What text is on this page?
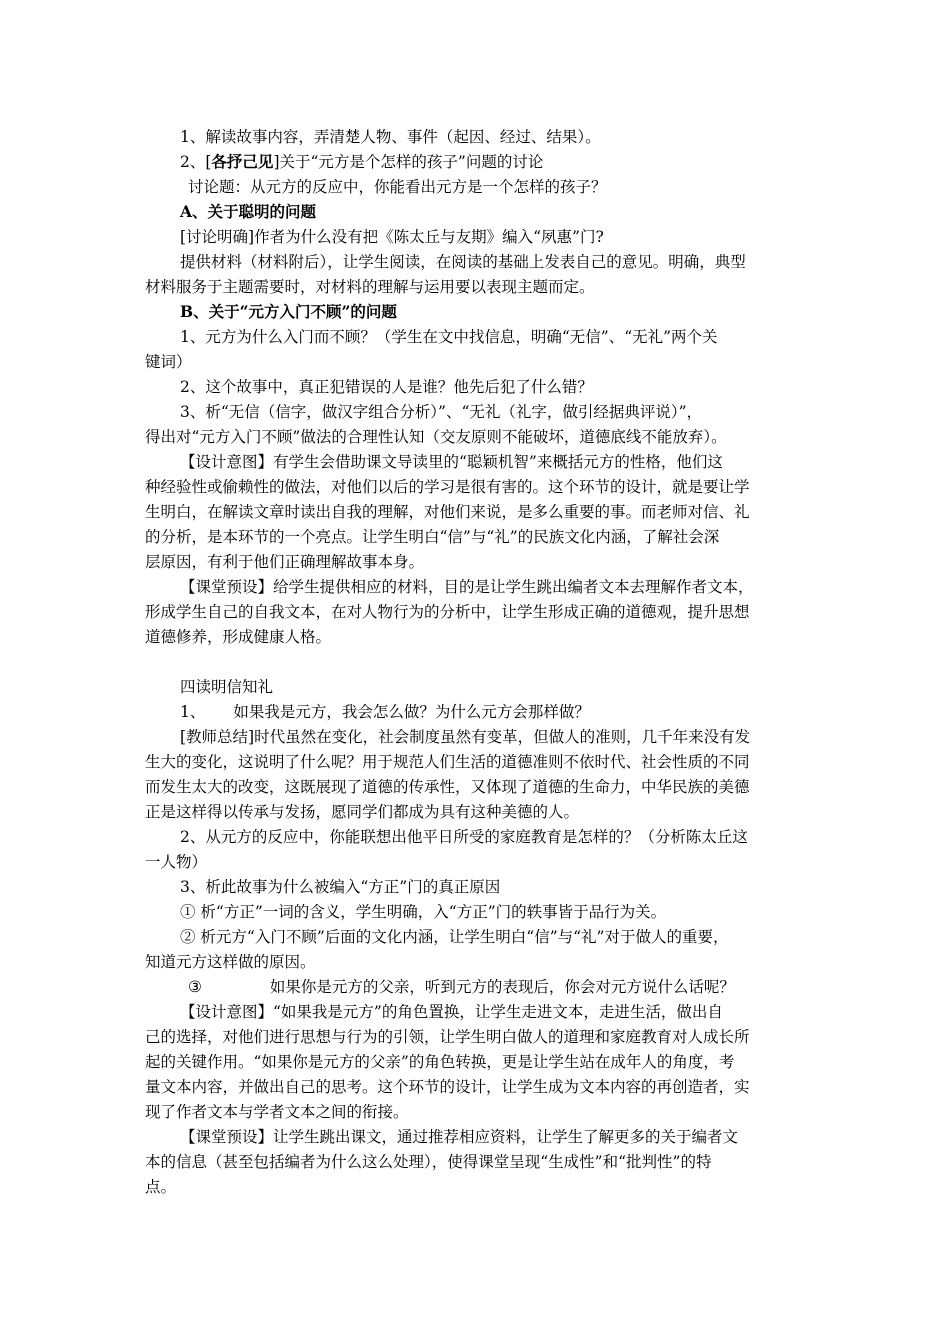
1、解读故事内容，弄清楚人物、事件（起因、经过、结果）。
2、[各抒己见]关于“元方是个怎样的孩子”问题的讨论
讨论题：从元方的反应中，你能看出元方是一个怎样的孩子？
A、关于聪明的问题
[讨论明确]作者为什么没有把《陈太丘与友期》编入“夙惠”门?
提供材料（材料附后），让学生阅读，在阅读的基础上发表自己的意见。明确，典型
材料服务于主题需要时，对材料的理解与运用要以表现主题而定。
B、关于“元方入门不顾”的问题
1、元方为什么入门而不顾？（学生在文中找信息，明确“无信”、“无礼”两个关
键词）
2、这个故事中，真正犯错误的人是谁？他先后犯了什么错？
3、析“无信（信字，做汉字组合分析）”、“无礼（礼字，做引经据典评说）”，
得出对“元方入门不顾”做法的合理性认知（交友原则不能破坏，道德底线不能放弃）。
【设计意图】有学生会借助课文导读里的“聪颖机智”来概括元方的性格，他们这
种经验性或偷赖性的做法，对他们以后的学习是很有害的。这个环节的设计，就是要让学
生明白，在解读文章时读出自我的理解，对他们来说，是多么重要的事。而老师对信、礼
的分析，是本环节的一个亮点。让学生明白“信”与“礼”的民族文化内涵，了解社会深
层原因，有利于他们正确理解故事本身。
【课堂预设】给学生提供相应的材料，目的是让学生跳出编者文本去理解作者文本，
形成学生自己的自我文本，在对人物行为的分析中，让学生形成正确的道德观，提升思想
道德修养，形成健康人格。
四读明信知礼
1、 如果我是元方，我会怎么做？为什么元方会那样做？
[教师总结]时代虽然在变化，社会制度虽然有变革，但做人的准则，几千年来没有发
生大的变化，这说明了什么呢？用于规范人们生活的道德准则不依时代、社会性质的不同
而发生太大的改变，这既展现了道德的传承性，又体现了道德的生命力，中华民族的美德
正是这样得以传承与发扬，愿同学们都成为具有这种美德的人。
2、从元方的反应中，你能联想出他平日所受的家庭教育是怎样的？（分析陈太丘这
一人物）
3、析此故事为什么被编入“方正”门的真正原因
① 析“方正”一词的含义，学生明确，入“方正”门的轶事皆于品行为关。
② 析元方“入门不顾”后面的文化内涵，让学生明白“信”与“礼”对于做人的重要，
知道元方这样做的原因。
③	如果你是元方的父亲，听到元方的表现后，你会对元方说什么话呢？
【设计意图】“如果我是元方”的角色置换，让学生走进文本，走进生活，做出自
己的选择，对他们进行思想与行为的引领，让学生明白做人的道理和家庭教育对人成长所
起的关键作用。“如果你是元方的父亲”的角色转换，更是让学生站在成年人的角度，考
量文本内容，并做出自己的思考。这个环节的设计，让学生成为文本内容的再创造者，实
现了作者文本与学者文本之间的衔接。
【课堂预设】让学生跳出课文，通过推荐相应资料，让学生了解更多的关于编者文
本的信息（甚至包括编者为什么这么处理），使得课堂呈现“生成性”和“批判性”的特
点。
